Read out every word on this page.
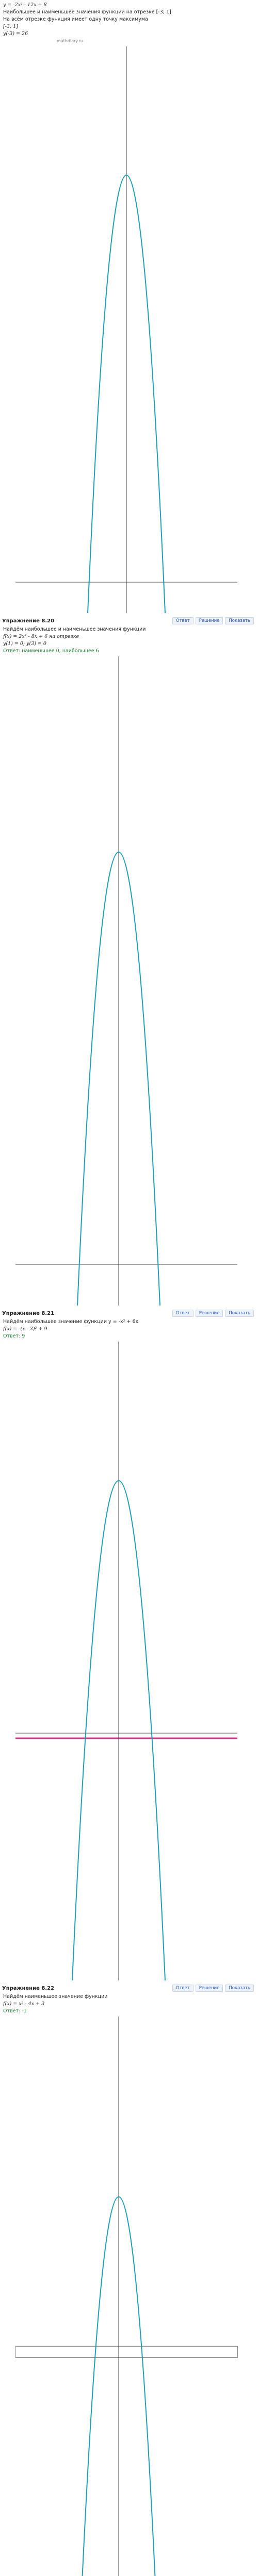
y = -2x² - 12x + 8
Наибольшее и наименьшее значения функции на отрезке [-3; 1]
На всём отрезке функция имеет одну точку максимума
[-3; 1]
y(-3) = 26
mathdiary.ru
Упражнение 8.20	Ответ	Решение	Показать
Найдём наибольшее и наименьшее значения функции
f(x) = 2x² - 8x + 6 на отрезке
y(1) = 0; y(3) = 0
Ответ: наименьшее 0, наибольшее 6
Упражнение 8.21	Ответ	Решение	Показать
Найдём наибольшее значение функции y = -x² + 6x
f(x) = -(x - 3)² + 9
Ответ: 9
Упражнение 8.22	Ответ	Решение	Показать
Найдём наименьшее значение функции
f(x) = x² - 4x + 3
Ответ: -1
